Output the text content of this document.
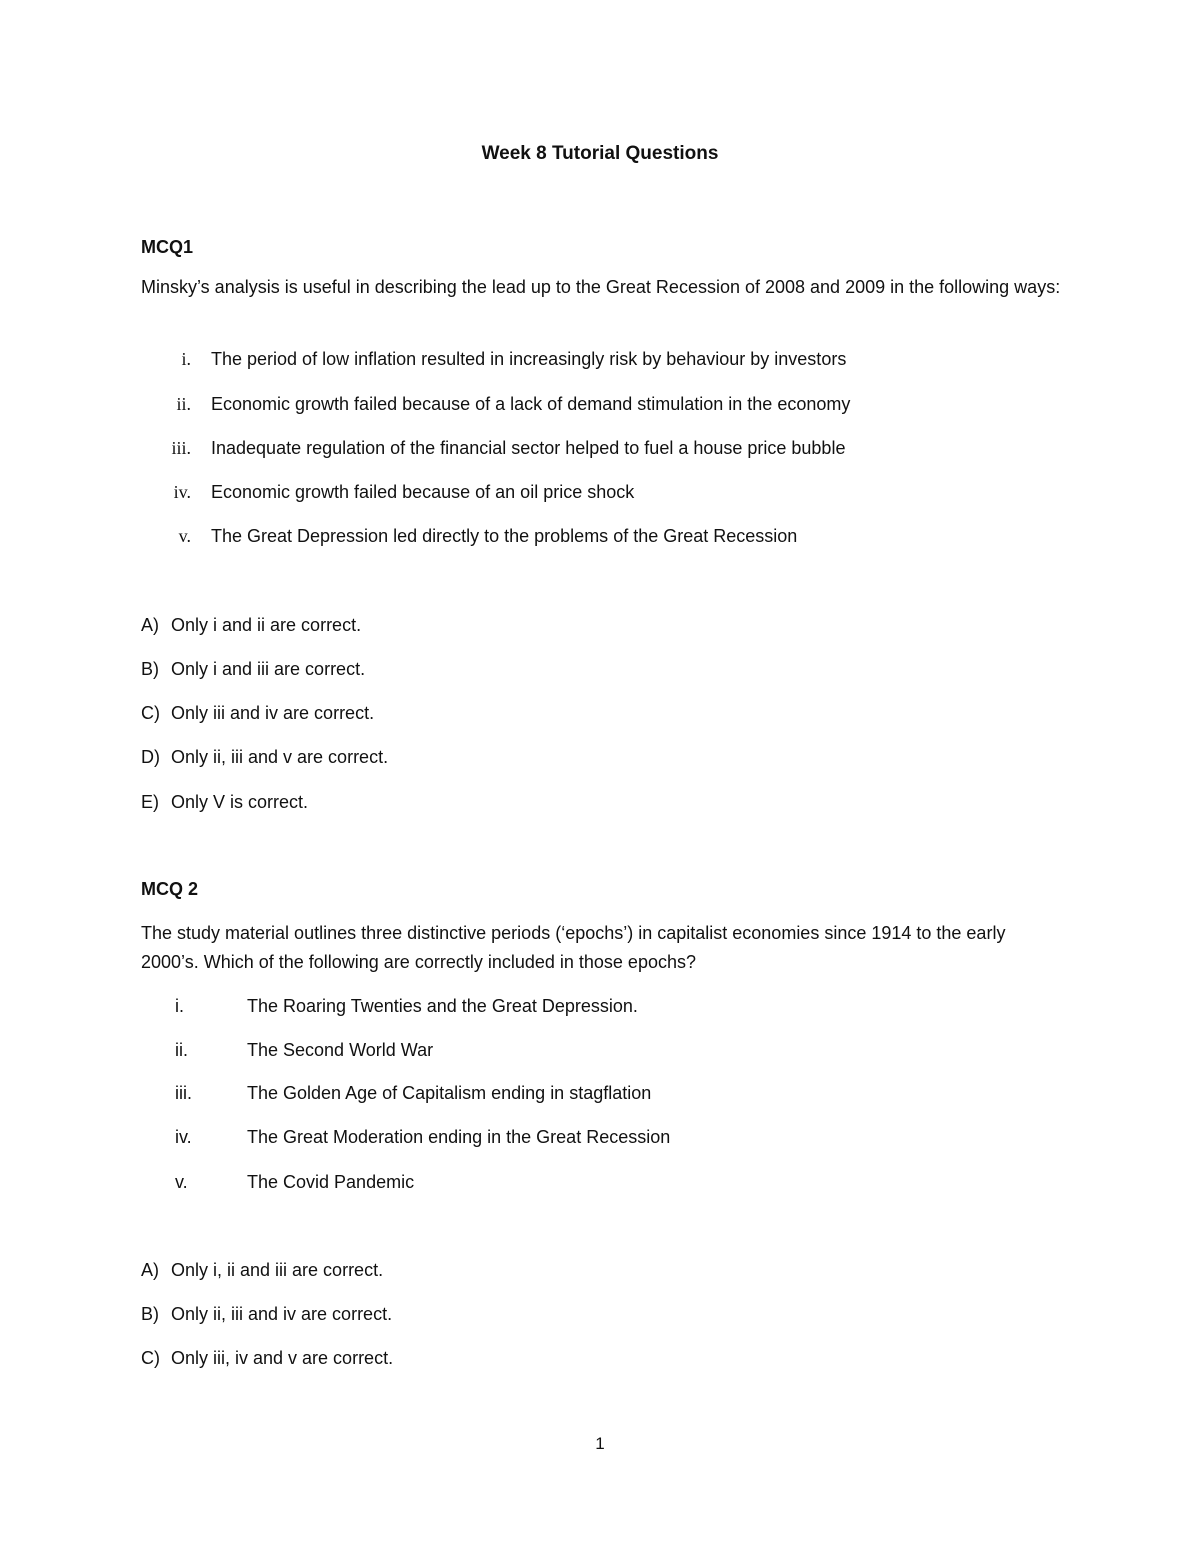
Week 8 Tutorial Questions
MCQ1
Minsky’s analysis is useful in describing the lead up to the Great Recession of 2008 and 2009 in the following ways:
i. The period of low inflation resulted in increasingly risk by behaviour by investors
ii. Economic growth failed because of a lack of demand stimulation in the economy
iii. Inadequate regulation of the financial sector helped to fuel a house price bubble
iv. Economic growth failed because of an oil price shock
v. The Great Depression led directly to the problems of the Great Recession
A) Only i and ii are correct.
B) Only i and iii are correct.
C) Only iii and iv are correct.
D) Only ii, iii and v are correct.
E) Only V is correct.
MCQ 2
The study material outlines three distinctive periods (‘epochs’) in capitalist economies since 1914 to the early 2000’s. Which of the following are correctly included in those epochs?
i.	The Roaring Twenties and the Great Depression.
ii.	The Second World War
iii.	The Golden Age of Capitalism ending in stagflation
iv.	The Great Moderation ending in the Great Recession
v.	The Covid Pandemic
A) Only i, ii and iii are correct.
B) Only ii, iii and iv are correct.
C) Only iii, iv and v are correct.
1
